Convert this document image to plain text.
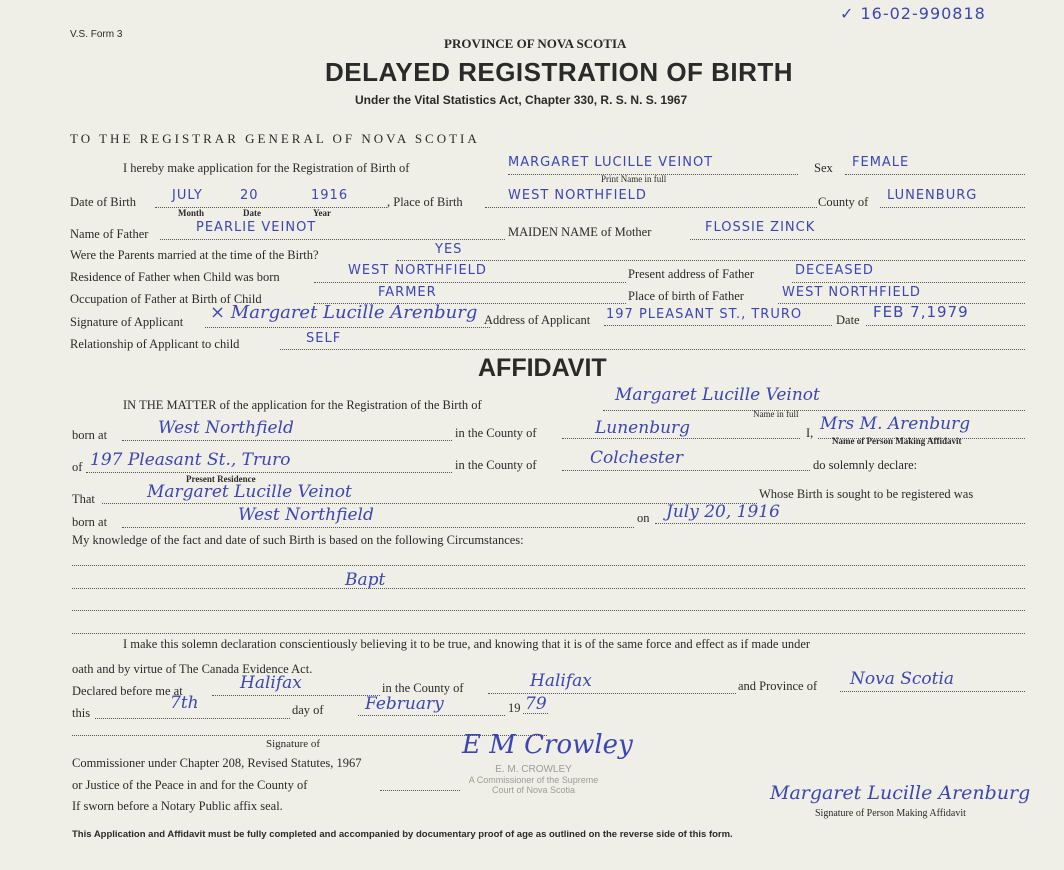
V.S. Form 3
✓ 16-02-990818
PROVINCE OF NOVA SCOTIA
DELAYED REGISTRATION OF BIRTH
Under the Vital Statistics Act, Chapter 330, R. S. N. S. 1967
TO THE REGISTRAR GENERAL OF NOVA SCOTIA
I hereby make application for the Registration of Birth of	MARGARET LUCILLE VEINOT
Print Name in full
Sex FEMALE
Date of Birth	JULY	20	1916
Month	Date	Year
, Place of Birth	WEST NORTHFIELD	County of LUNENBURG
Name of Father	PEARLIE VEINOT	MAIDEN NAME of Mother	FLOSSIE ZINCK
Were the Parents married at the time of the Birth?	YES
Residence of Father when Child was born	WEST NORTHFIELD	Present address of Father	DECEASED
Occupation of Father at Birth of Child	FARMER	Place of birth of Father	WEST NORTHFIELD
Signature of Applicant × Margaret Lucille Arenburg Address of Applicant 197 PLEASANT ST., TRURO	Date FEB 7,1979
Relationship of Applicant to child	SELF
AFFIDAVIT
IN THE MATTER of the application for the Registration of the Birth of	Margaret Lucille Veinot
Name in full
born at	West Northfield	in the County of	Lunenburg	I, Mrs M. Arenburg
Name of Person Making Affidavit
of 197 Pleasant St., Truro
Present Residence
in the County of	Colchester	do solemnly declare:
That	Margaret Lucille Veinot	Whose Birth is sought to be registered was
born at	West Northfield	on July 20, 1916
My knowledge of the fact and date of such Birth is based on the following Circumstances:
Bapt
I make this solemn declaration conscientiously believing it to be true, and knowing that it is of the same force and effect as if made under
oath and by virtue of The Canada Evidence Act.
Declared before me at	Halifax	in the County of	Halifax	and Province of Nova Scotia
this	7th	day of February	19 79
Signature of
Commissioner under Chapter 208, Revised Statutes, 1967
or Justice of the Peace in and for the County of
If sworn before a Notary Public affix seal.
E M Crowley
E. M. CROWLEY
A Commissioner of the Supreme
Court of Nova Scotia	Margaret Lucille Arenburg
Signature of Person Making Affidavit
This Application and Affidavit must be fully completed and accompanied by documentary proof of age as outlined on the reverse side of this form.
